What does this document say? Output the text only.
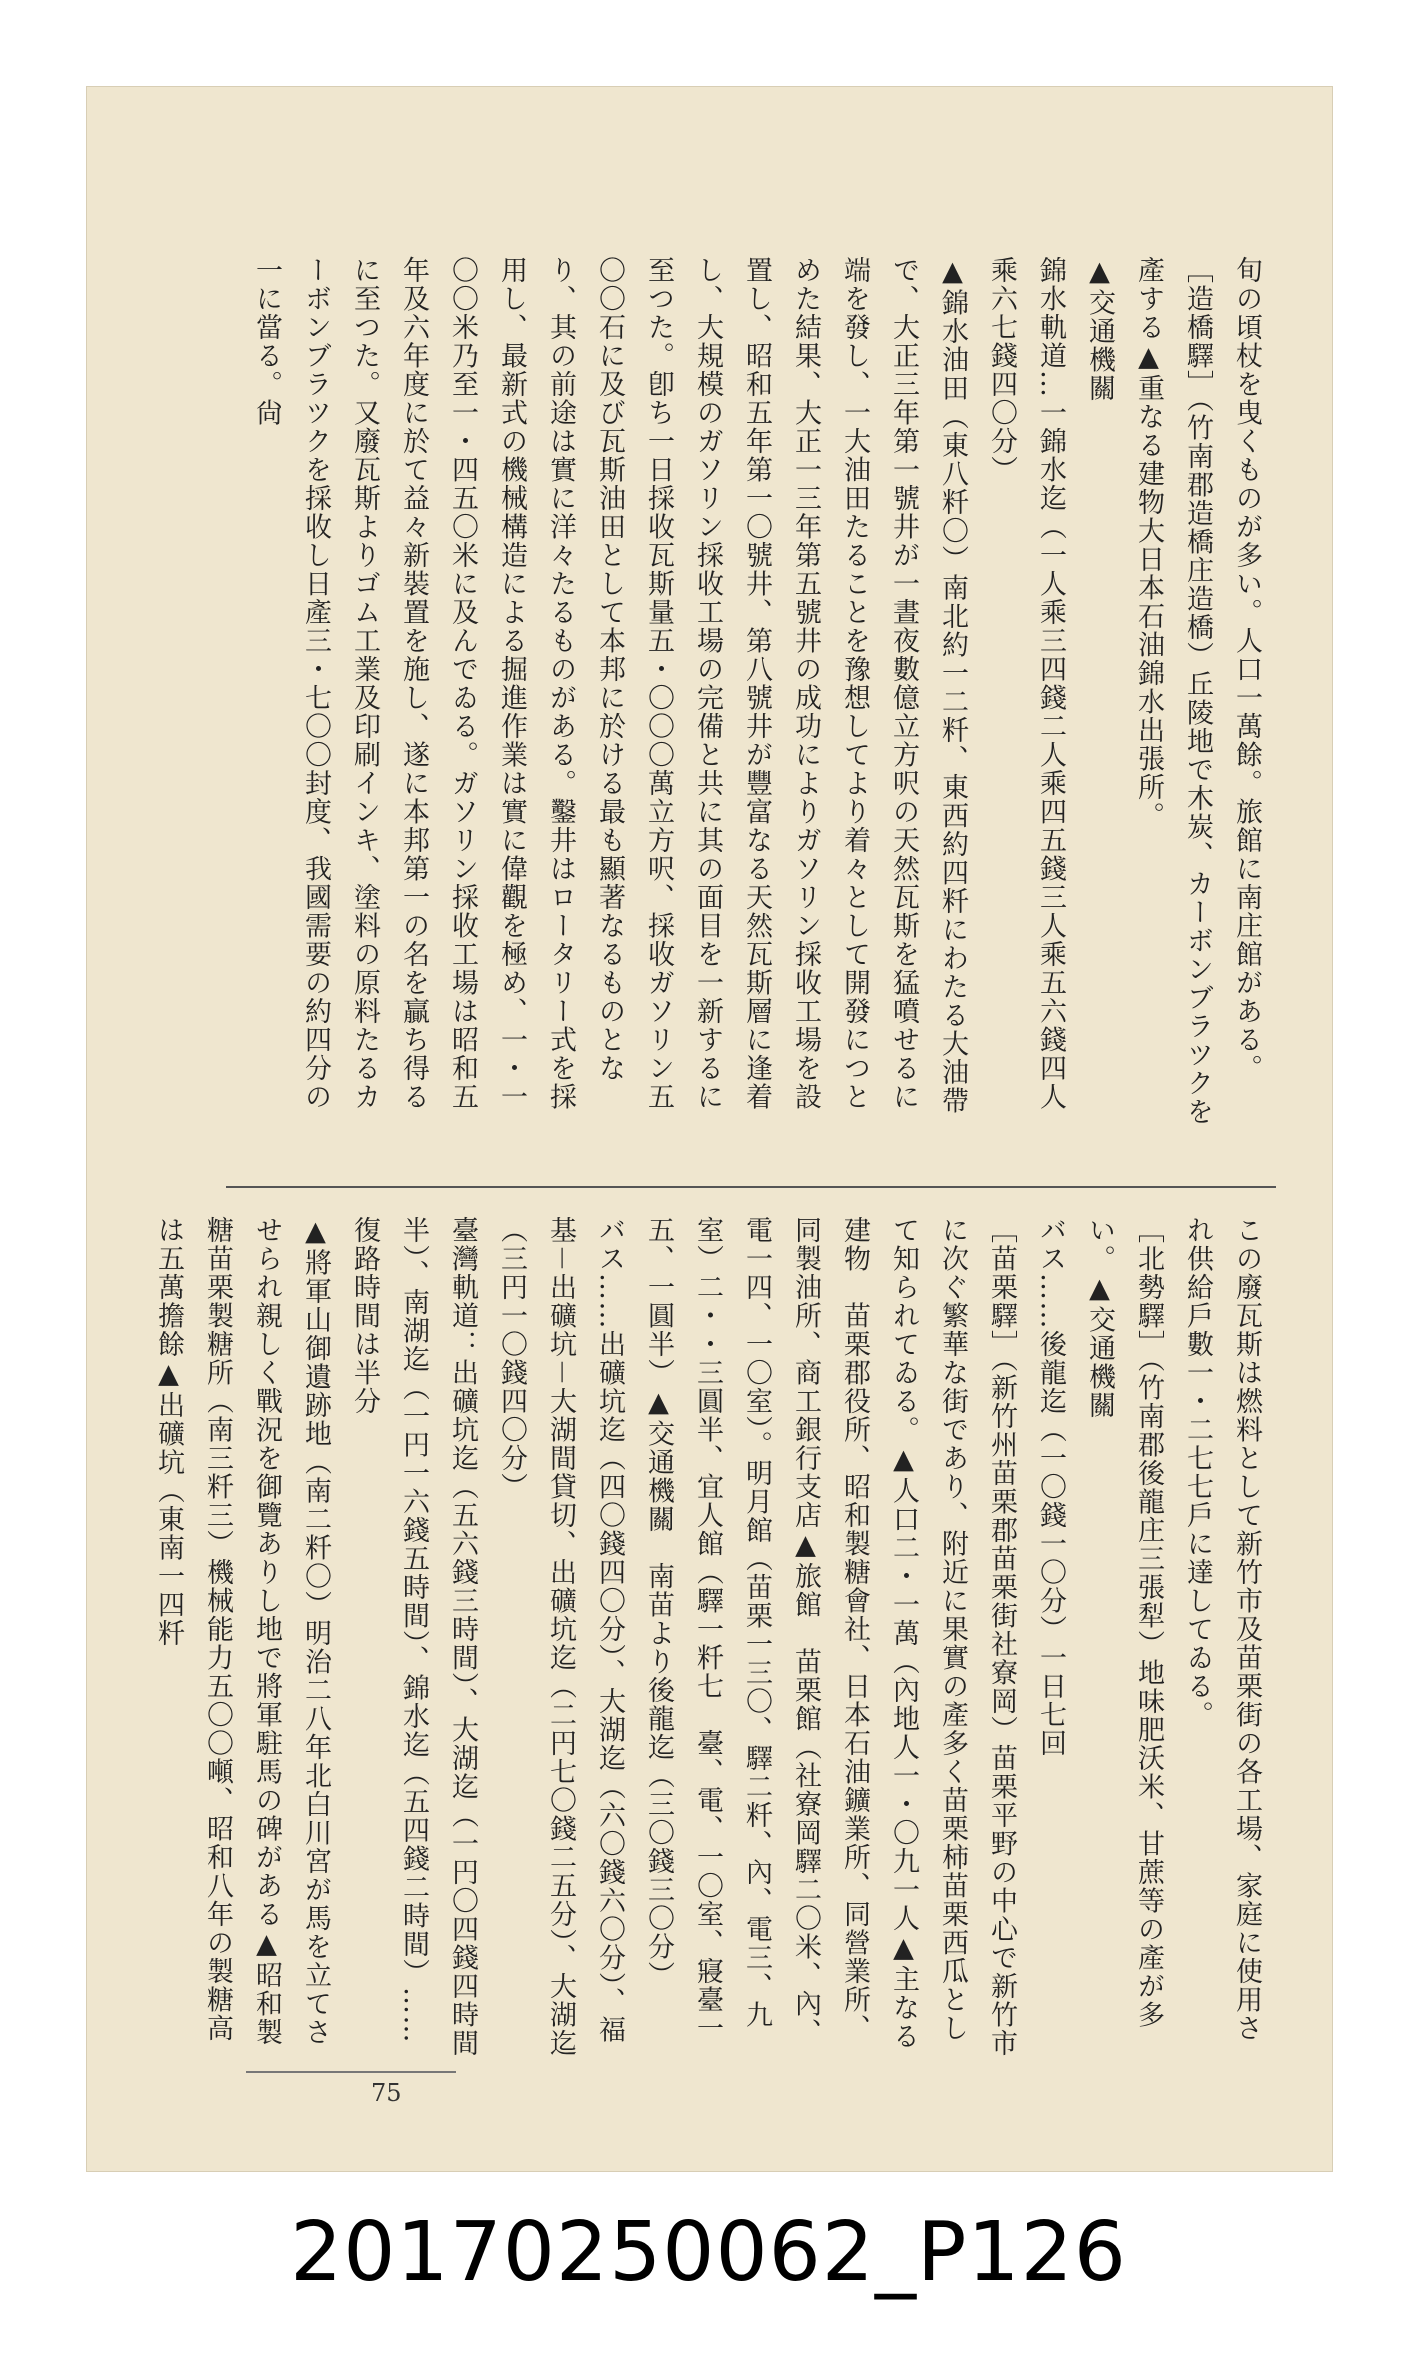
旬の頃杖を曳くものが多い。人口一萬餘。旅館に南庄館がある。
［造橋驛］（竹南郡造橋庄造橋）丘陵地で木炭、カーボンブラツクを產する▲重なる建物大日本石油錦水出張所。
▲交通機關
錦水軌道…一錦水迄（一人乘三四錢二人乘四五錢三人乘五六錢四人乘六七錢四〇分）
▲錦水油田（東八粁〇）南北約一二粁、東西約四粁にわたる大油帶で、大正三年第一號井が一晝夜數億立方呎の天然瓦斯を猛噴せるに端を發し、一大油田たることを豫想してより着々として開發につとめた結果、大正一三年第五號井の成功によりガソリン採收工場を設置し、昭和五年第一〇號井、第八號井が豐富なる天然瓦斯層に逢着し、大規模のガソリン採收工場の完備と共に其の面目を一新するに至つた。卽ち一日採收瓦斯量五・〇〇〇萬立方呎、採收ガソリン五〇〇石に及び瓦斯油田として本邦に於ける最も顯著なるものとなり、其の前途は實に洋々たるものがある。鑿井はロータリー式を採用し、最新式の機械構造による掘進作業は實に偉觀を極め、一・一〇〇米乃至一・四五〇米に及んでゐる。ガソリン採收工場は昭和五年及六年度に於て益々新裝置を施し、遂に本邦第一の名を贏ち得るに至つた。又廢瓦斯よりゴム工業及印刷インキ、塗料の原料たるカーボンブラツクを採收し日產三・七〇〇封度、我國需要の約四分の一に當る。尙
この廢瓦斯は燃料として新竹市及苗栗街の各工場、家庭に使用され供給戶數一・二七七戶に達してゐる。
［北勢驛］（竹南郡後龍庄三張犁）地味肥沃米、甘蔗等の產が多い。▲交通機關
バス……後龍迄（一〇錢一〇分）一日七回
［苗栗驛］（新竹州苗栗郡苗栗街社寮岡）苗栗平野の中心で新竹市に次ぐ繁華な街であり、附近に果實の產多く苗栗柿苗栗西瓜として知られてゐる。▲人口二・一萬（內地人一・〇九一人▲主なる建物　苗栗郡役所、昭和製糖會社、日本石油鑛業所、同營業所、同製油所、商工銀行支店▲旅館　苗栗館（社寮岡驛二〇米、內、電一四、一〇室）。明月館（苗栗一三〇、驛二粁、內、電三、九室）二・・三圓半、宜人館（驛一粁七　臺、電、一〇室、寢臺一五、一圓半）▲交通機關　南苗より後龍迄（三〇錢三〇分）
バス……出礦坑迄（四〇錢四〇分）、大湖迄（六〇錢六〇分）、福基－出礦坑－大湖間貸切、出礦坑迄（二円七〇錢二五分）、大湖迄（三円一〇錢四〇分）
臺灣軌道：出礦坑迄（五六錢三時間）、大湖迄（一円〇四錢四時間半）、南湖迄（一円一六錢五時間）、錦水迄（五四錢二時間）……復路時間は半分
▲將軍山御遺跡地（南二粁〇）明治二八年北白川宮が馬を立てさせられ親しく戰況を御覽ありし地で將軍駐馬の碑がある▲昭和製糖苗栗製糖所（南三粁三）機械能力五〇〇噸、昭和八年の製糖高は五萬擔餘▲出礦坑（東南一四粁
75
20170250062_P126
